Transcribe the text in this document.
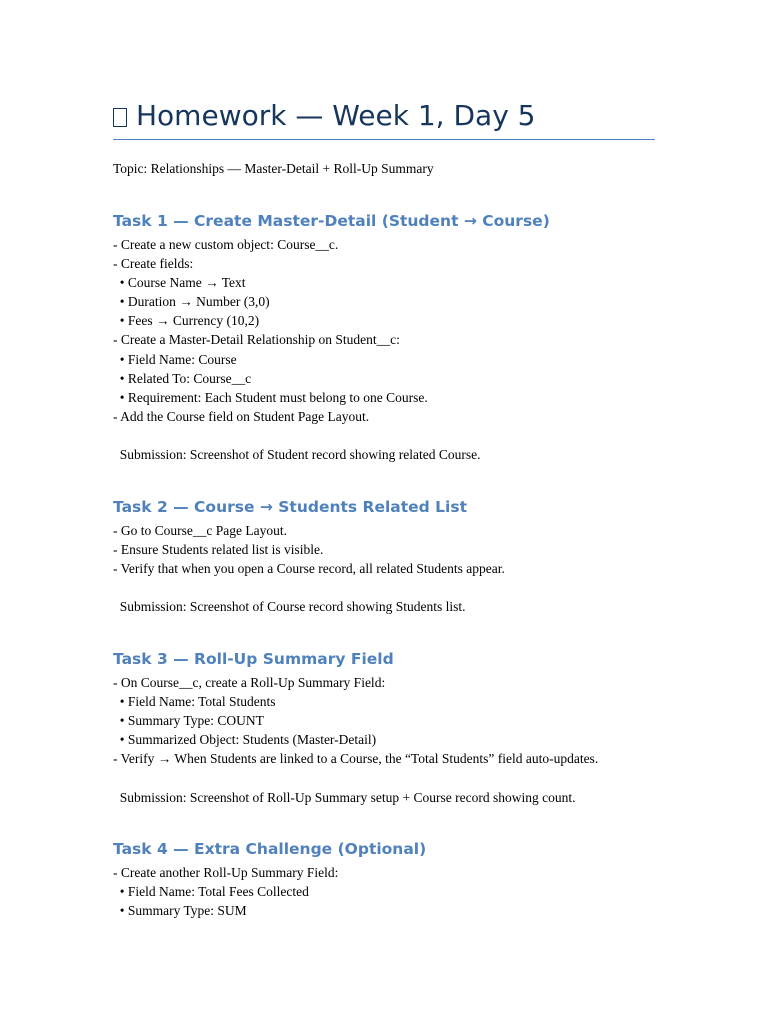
Homework — Week 1, Day 5
Topic: Relationships — Master-Detail + Roll-Up Summary
Task 1 — Create Master-Detail (Student → Course)
- Create a new custom object: Course__c.
- Create fields:
• Course Name → Text
• Duration → Number (3,0)
• Fees → Currency (10,2)
- Create a Master-Detail Relationship on Student__c:
• Field Name: Course
• Related To: Course__c
• Requirement: Each Student must belong to one Course.
- Add the Course field on Student Page Layout.
Submission: Screenshot of Student record showing related Course.
Task 2 — Course → Students Related List
- Go to Course__c Page Layout.
- Ensure Students related list is visible.
- Verify that when you open a Course record, all related Students appear.
Submission: Screenshot of Course record showing Students list.
Task 3 — Roll-Up Summary Field
- On Course__c, create a Roll-Up Summary Field:
• Field Name: Total Students
• Summary Type: COUNT
• Summarized Object: Students (Master-Detail)
- Verify → When Students are linked to a Course, the “Total Students” field auto-updates.
Submission: Screenshot of Roll-Up Summary setup + Course record showing count.
Task 4 — Extra Challenge (Optional)
- Create another Roll-Up Summary Field:
• Field Name: Total Fees Collected
• Summary Type: SUM
